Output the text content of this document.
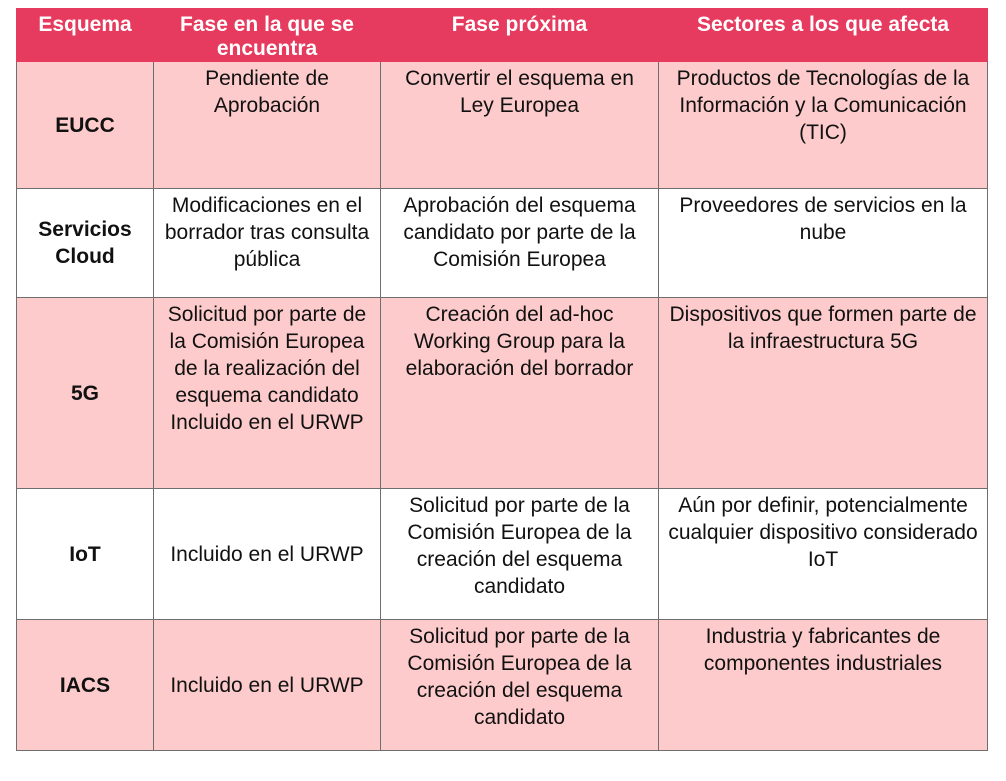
Esquema	Fase en la que se encuentra	Fase próxima	Sectores a los que afecta
EUCC	Pendiente de Aprobación	Convertir el esquema en Ley Europea	Productos de Tecnologías de la Información y la Comunicación (TIC)
Servicios Cloud	Modificaciones en el borrador tras consulta pública	Aprobación del esquema candidato por parte de la Comisión Europea	Proveedores de servicios en la nube
5G	Solicitud por parte de la Comisión Europea de la realización del esquema candidato Incluido en el URWP	Creación del ad-hoc Working Group para la elaboración del borrador	Dispositivos que formen parte de la infraestructura 5G
IoT	Incluido en el URWP	Solicitud por parte de la Comisión Europea de la creación del esquema candidato	Aún por definir, potencialmente cualquier dispositivo considerado IoT
IACS	Incluido en el URWP	Solicitud por parte de la Comisión Europea de la creación del esquema candidato	Industria y fabricantes de componentes industriales
